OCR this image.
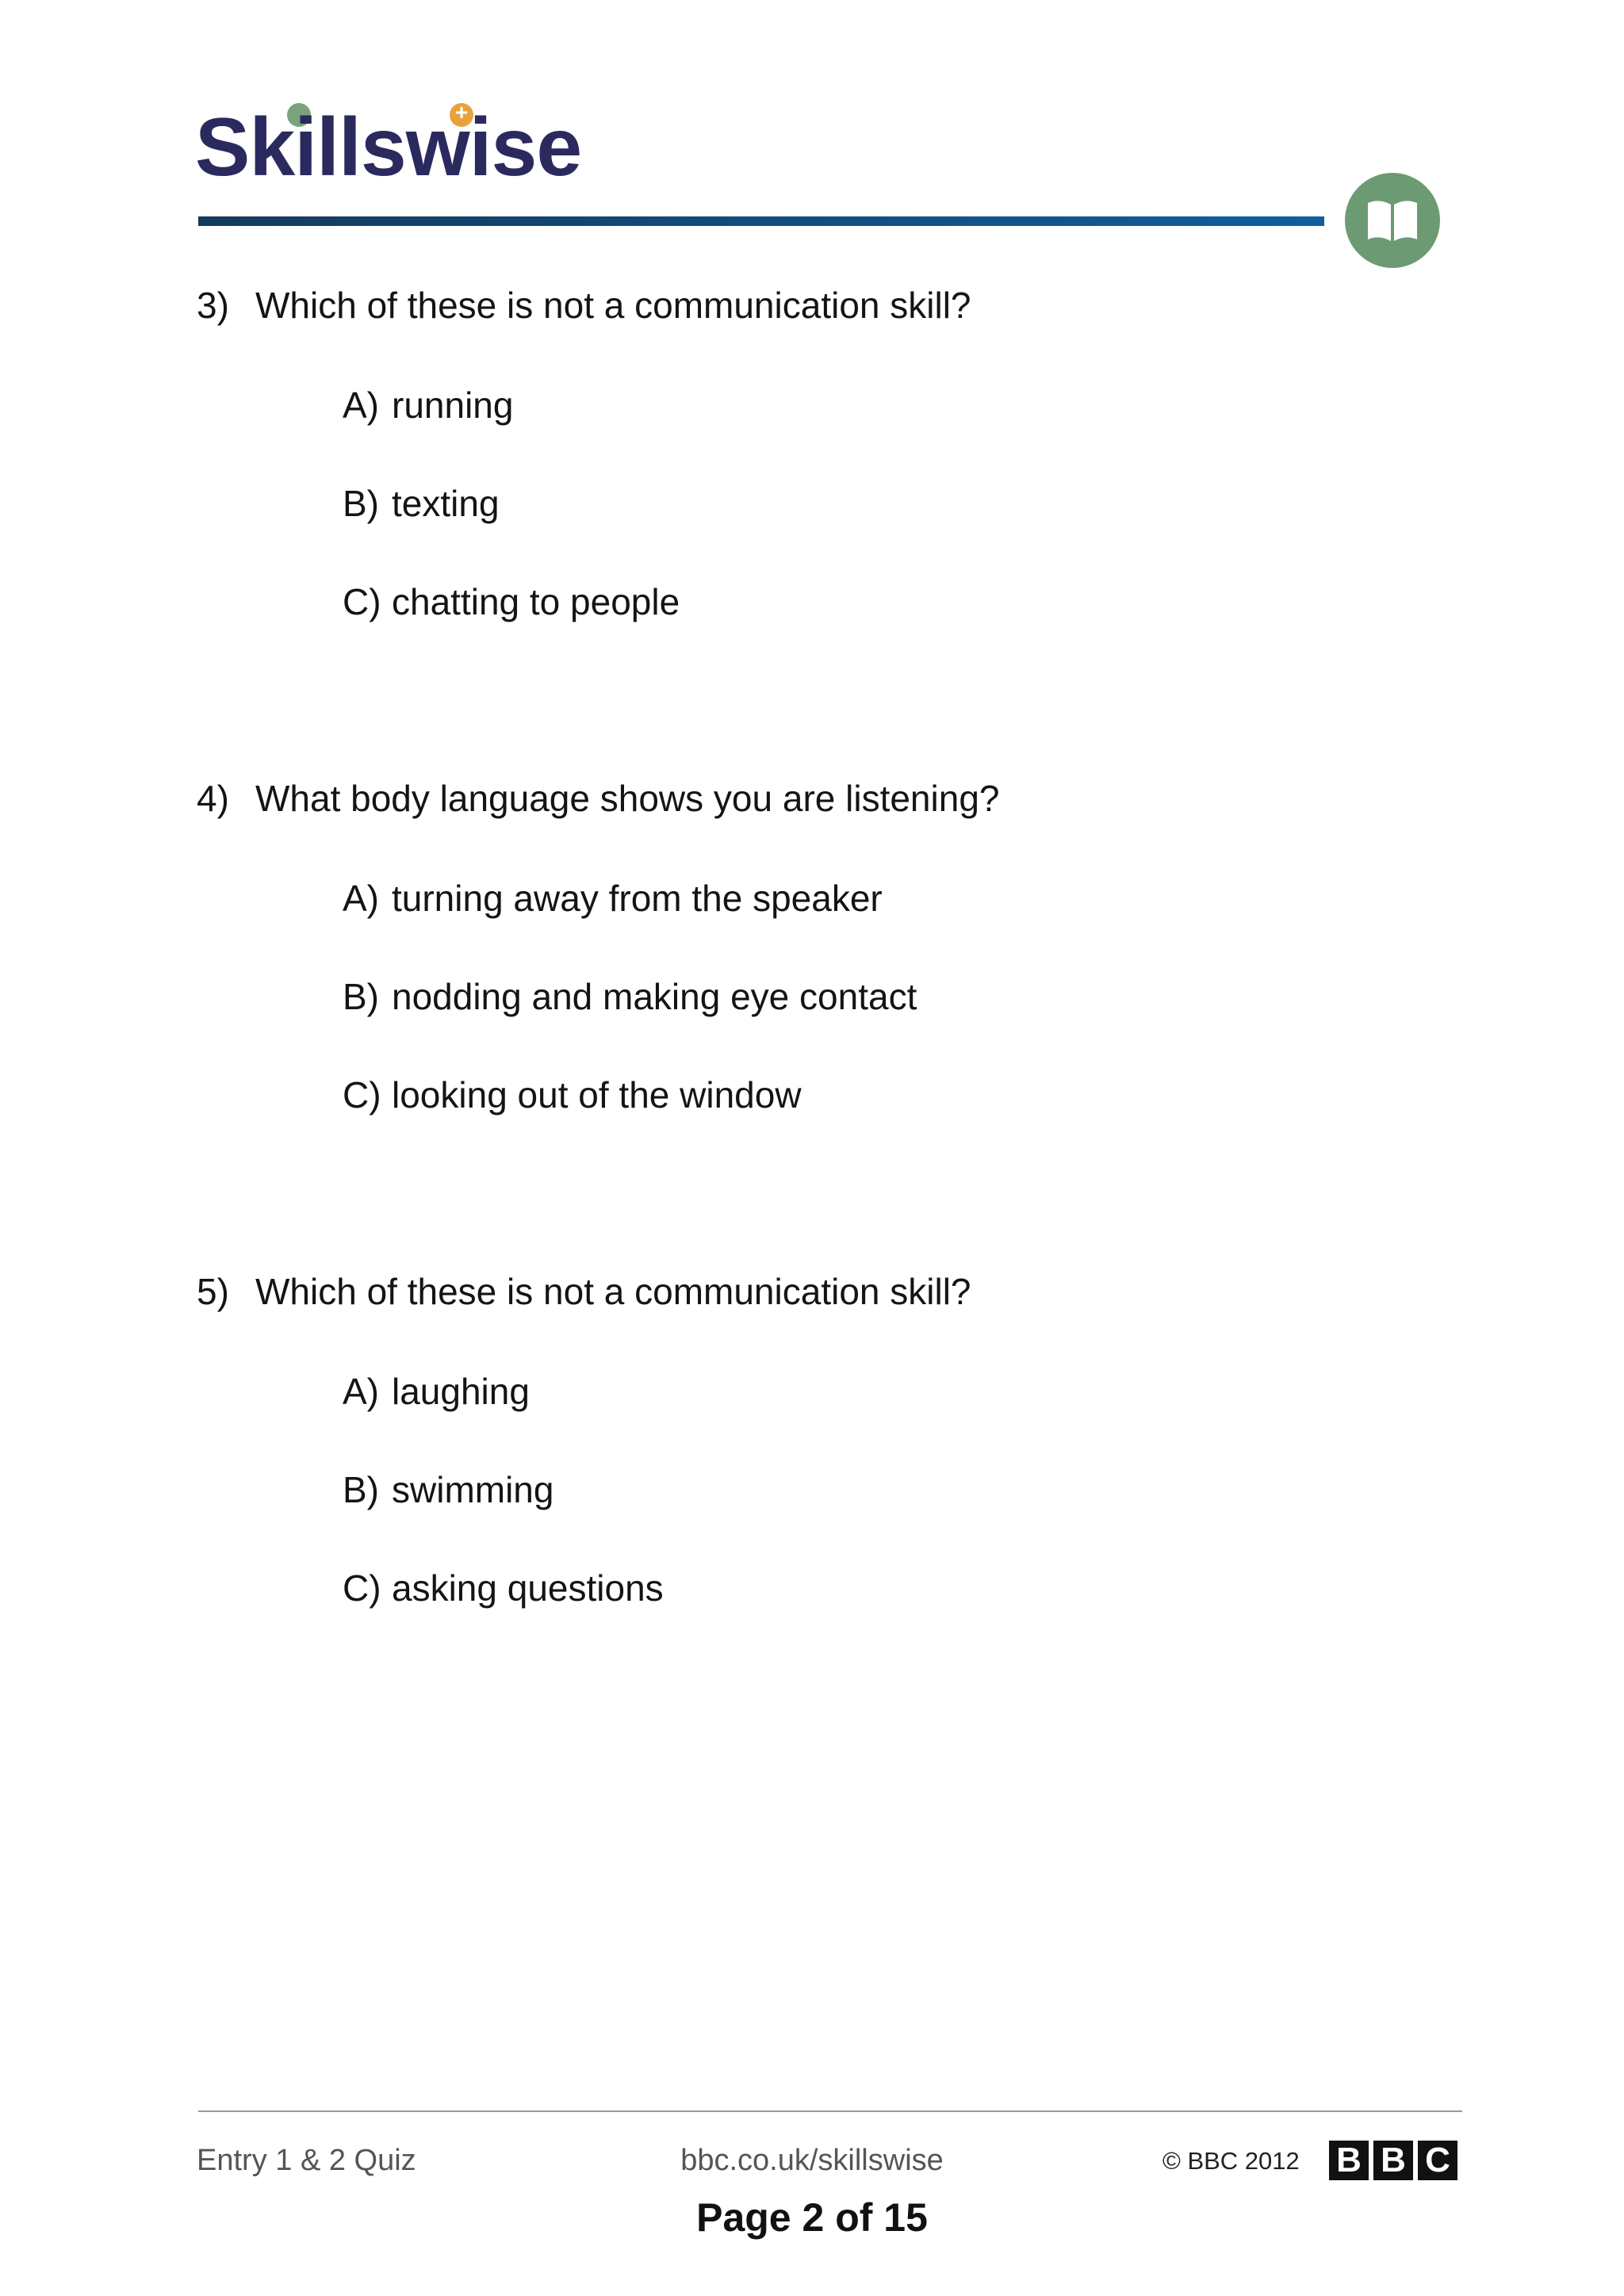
+
Skillswise
3) Which of these is not a communication skill?
A) running
B) texting
C) chatting to people
4) What body language shows you are listening?
A) turning away from the speaker
B) nodding and making eye contact
C) looking out of the window
5) Which of these is not a communication skill?
A) laughing
B) swimming
C) asking questions
Entry 1 & 2 Quiz	bbc.co.uk/skillswise	© BBC 2012 B B C
Page 2 of 15
